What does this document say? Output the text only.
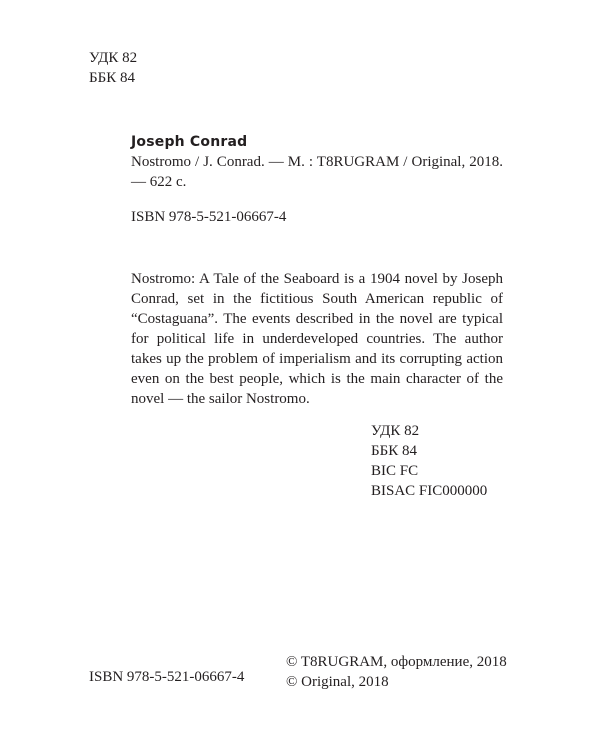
УДК 82
ББК 84
Joseph Conrad
Nostromo / J. Conrad. — M. : T8RUGRAM / Original, 2018. — 622 c.
ISBN 978-5-521-06667-4
Nostromo: A Tale of the Seaboard is a 1904 novel by Joseph Conrad, set in the fictitious South American republic of “Costaguana”. The events described in the novel are typical for political life in underdeveloped countries. The author takes up the problem of imperialism and its corrupting action even on the best people, which is the main character of the novel — the sailor Nostromo.
УДК 82
ББК 84
BIC FC
BISAC FIC000000
ISBN 978-5-521-06667-4
© T8RUGRAM, оформление, 2018
© Original, 2018
